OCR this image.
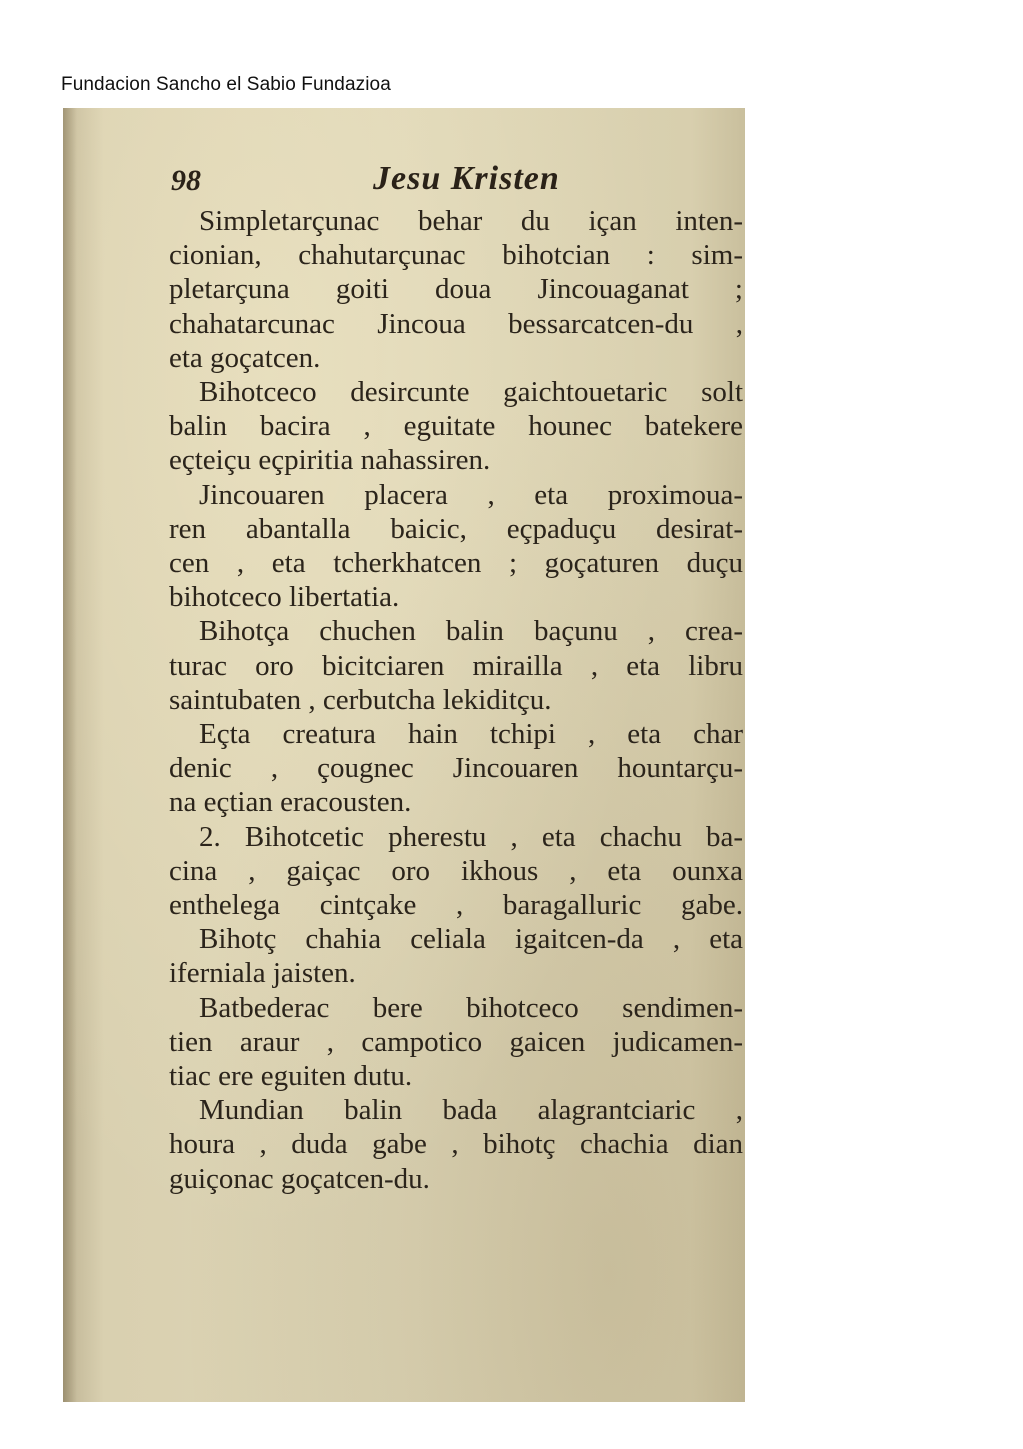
Fundacion Sancho el Sabio Fundazioa
98	Jesu Kristen
Simpletarçunac behar du içan inten-
cionian, chahutarçunac bihotcian : sim-
pletarçuna goiti doua Jincouaganat ;
chahatarcunac Jincoua bessarcatcen-du ,
eta goçatcen.
Bihotceco desircunte gaichtouetaric solt
balin bacira , eguitate hounec batekere
eçteiçu eçpiritia nahassiren.
Jincouaren placera , eta proximoua-
ren abantalla baicic, eçpaduçu desirat-
cen , eta tcherkhatcen ; goçaturen duçu
bihotceco libertatia.
Bihotça chuchen balin baçunu , crea-
turac oro bicitciaren mirailla , eta libru
saintubaten , cerbutcha lekiditçu.
Eçta creatura hain tchipi , eta char
denic , çougnec Jincouaren hountarçu-
na eçtian eracousten.
2. Bihotcetic pherestu , eta chachu ba-
cina , gaiçac oro ikhous , eta ounxa
enthelega cintçake , baragalluric gabe.
Bihotç chahia celiala igaitcen-da , eta
iferniala jaisten.
Batbederac bere bihotceco sendimen-
tien araur , campotico gaicen judicamen-
tiac ere eguiten dutu.
Mundian balin bada alagrantciaric ,
houra , duda gabe , bihotç chachia dian
guiçonac goçatcen-du.
